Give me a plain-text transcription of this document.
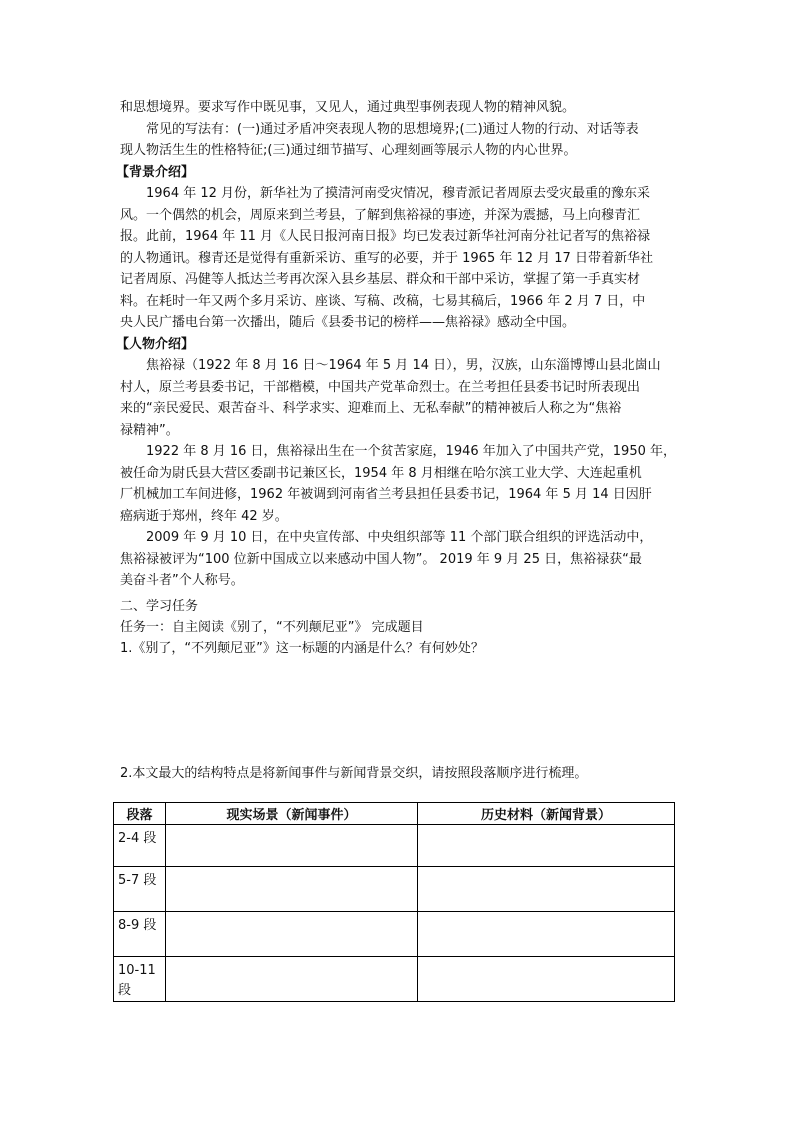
和思想境界。要求写作中既见事，又见人，通过典型事例表现人物的精神风貌。
常见的写法有：(一)通过矛盾冲突表现人物的思想境界;(二)通过人物的行动、对话等表
现人物活生生的性格特征;(三)通过细节描写、心理刻画等展示人物的内心世界。
【背景介绍】

1964 年 12 月份，新华社为了摸清河南受灾情况，穆青派记者周原去受灾最重的豫东采

风。一个偶然的机会，周原来到兰考县，了解到焦裕禄的事迹，并深为震撼，马上向穆青汇

报。此前，1964 年 11 月《人民日报河南日报》均已发表过新华社河南分社记者写的焦裕禄

的人物通讯。穆青还是觉得有重新采访、重写的必要，并于 1965 年 12 月 17 日带着新华社

记者周原、冯健等人抵达兰考再次深入县乡基层、群众和干部中采访，掌握了第一手真实材

料。在耗时一年又两个多月采访、座谈、写稿、改稿，七易其稿后，1966 年 2 月 7 日，中

央人民广播电台第一次播出，随后《县委书记的榜样——焦裕禄》感动全中国。

【人物介绍】

焦裕禄（1922 年 8 月 16 日～1964 年 5 月 14 日），男，汉族，山东淄博博山县北崮山

村人，原兰考县委书记，干部楷模，中国共产党革命烈士。在兰考担任县委书记时所表现出

来的“亲民爱民、艰苦奋斗、科学求实、迎难而上、无私奉献”的精神被后人称之为“焦裕

禄精神”。

1922 年 8 月 16 日，焦裕禄出生在一个贫苦家庭，1946 年加入了中国共产党，1950 年，

被任命为尉氏县大营区委副书记兼区长，1954 年 8 月相继在哈尔滨工业大学、大连起重机

厂机械加工车间进修，1962 年被调到河南省兰考县担任县委书记，1964 年 5 月 14 日因肝

癌病逝于郑州，终年 42 岁。

2009 年 9 月 10 日，在中央宣传部、中央组织部等 11 个部门联合组织的评选活动中，

焦裕禄被评为“100 位新中国成立以来感动中国人物”。 2019 年 9 月 25 日，焦裕禄获“最

美奋斗者”个人称号。

二、学习任务
任务一：自主阅读《别了，“不列颠尼亚”》 完成题目
1.《别了，“不列颠尼亚”》这一标题的内涵是什么？有何妙处？
2.本文最大的结构特点是将新闻事件与新闻背景交织，请按照段落顺序进行梳理。
段落	现实场景（新闻事件）	历史材料（新闻背景）
2-4 段		
5-7 段		
8-9 段		
10-11 段		
